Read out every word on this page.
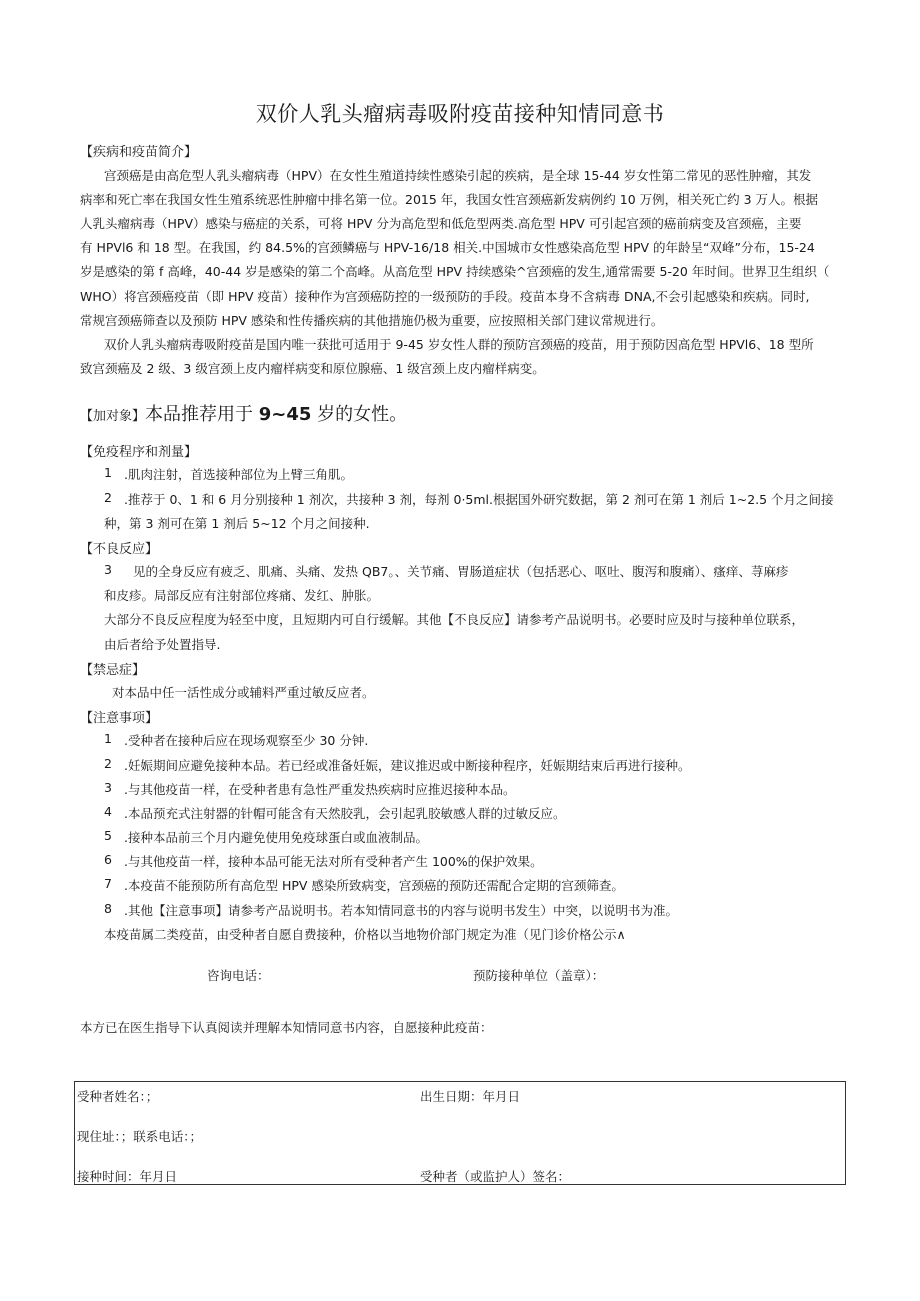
双价人乳头瘤病毒吸附疫苗接种知情同意书
【疾病和疫苗简介】
宫颈癌是由高危型人乳头瘤病毒（HPV）在女性生殖道持续性感染引起的疾病，是全球 15-44 岁女性第二常见的恶性肿瘤，其发
病率和死亡率在我国女性生殖系统恶性肿瘤中排名第一位。2015 年，我国女性宫颈癌新发病例约 10 万例，相关死亡约 3 万人。根据
人乳头瘤病毒（HPV）感染与癌症的关系，可将 HPV 分为高危型和低危型两类.高危型 HPV 可引起宫颈的癌前病变及宫颈癌，主要
有 HPVl6 和 18 型。在我国，约 84.5%的宫颈鳞癌与 HPV-16/18 相关.中国城市女性感染高危型 HPV 的年龄呈“双峰”分布，15-24
岁是感染的第 f 高峰，40-44 岁是感染的第二个高峰。从高危型 HPV 持续感染^宫颈癌的发生,通常需要 5-20 年时间。世界卫生组织（
WHO）将宫颈癌疫苗（即 HPV 疫苗）接种作为宫颈癌防控的一级预防的手段。疫苗本身不含病毒 DNA,不会引起感染和疾病。同时,
常规宫颈癌筛查以及预防 HPV 感染和性传播疾病的其他措施仍极为重要，应按照相关部门建议常规进行。
双价人乳头瘤病毒吸附疫苗是国内唯一获批可适用于 9-45 岁女性人群的预防宫颈癌的疫苗，用于预防因高危型 HPVl6、18 型所
致宫颈癌及 2 级、3 级宫颈上皮内瘤样病变和原位腺癌、1 级宫颈上皮内瘤样病变。
【加对象】本品推荐用于 9~45 岁的女性。
【免疫程序和剂量】
1 .肌肉注射，首选接种部位为上臂三角肌。
2 .推荐于 0、1 和 6 月分别接种 1 剂次，共接种 3 剂，每剂 0·5ml.根据国外研究数据，第 2 剂可在第 1 剂后 1~2.5 个月之间接
种，第 3 剂可在第 1 剂后 5~12 个月之间接种.
【不良反应】
3 见的全身反应有疲乏、肌痛、头痛、发热 QB7。、关节痛、胃肠道症状（包括恶心、呕吐、腹泻和腹痛）、瘙痒、荨麻疹
和皮疹。局部反应有注射部位疼痛、发红、肿胀。
大部分不良反应程度为轻至中度，且短期内可自行缓解。其他【不良反应】请参考产品说明书。必要时应及时与接种单位联系，
由后者给予处置指导.
【禁忌症】
对本品中任一活性成分或辅料严重过敏反应者。
【注意事项】
1 .受种者在接种后应在现场观察至少 30 分钟.
2 .妊娠期间应避免接种本品。若已经或准备妊娠，建议推迟或中断接种程序，妊娠期结束后再进行接种。
3 .与其他疫苗一样，在受种者患有急性严重发热疾病时应推迟接种本品。
4 .本品预充式注射器的针帽可能含有天然胶乳，会引起乳胶敏感人群的过敏反应。
5 .接种本品前三个月内避免使用免疫球蛋白或血液制品。
6 .与其他疫苗一样，接种本品可能无法对所有受种者产生 100%的保护效果。
7 .本疫苗不能预防所有高危型 HPV 感染所致病变，宫颈癌的预防还需配合定期的宫颈筛查。
8 .其他【注意事项】请参考产品说明书。若本知情同意书的内容与说明书发生）中突，以说明书为准。
本疫苗属二类疫苗，由受种者自愿自费接种，价格以当地物价部门规定为准（见门诊价格公示∧
咨询电话：	预防接种单位（盖章）：
本方已在医生指导下认真阅读并理解本知情同意书内容，自愿接种此疫苗：
受种者姓名：；	出生日期：年月日
现住址：；联系电话：；
接种时间：年月日	受种者（或监护人）签名：
